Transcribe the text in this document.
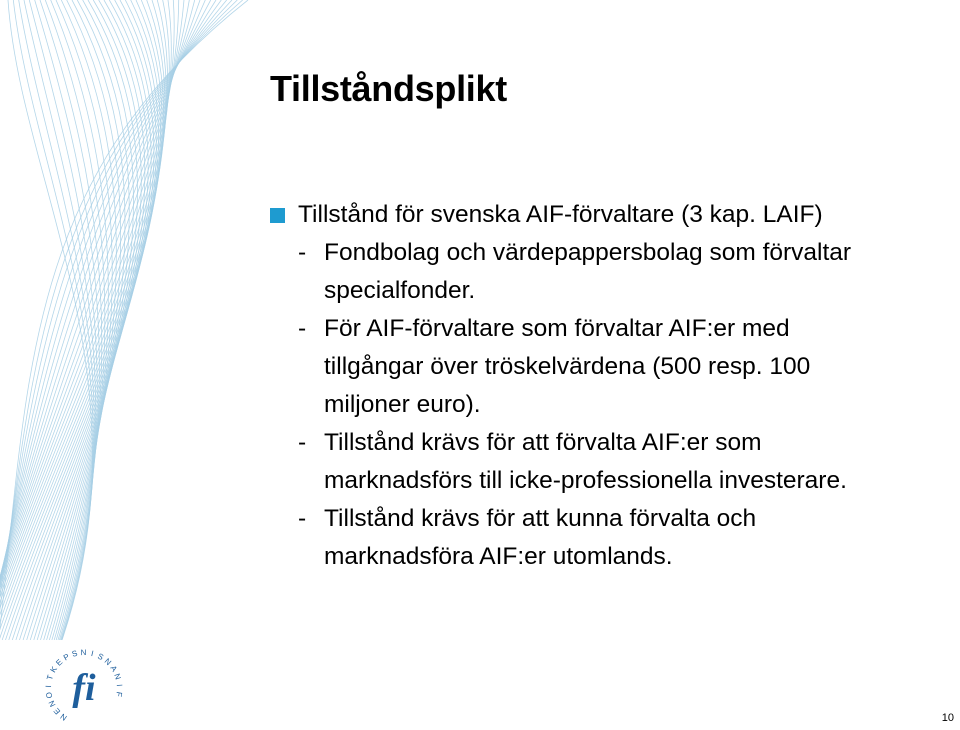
Tillståndsplikt
Tillstånd för svenska AIF-förvaltare (3 kap. LAIF)
- Fondbolag och värdepappersbolag som förvaltar
specialfonder.
- För AIF-förvaltare som förvaltar AIF:er med
tillgångar över tröskelvärdena (500 resp. 100
miljoner euro).
- Tillstånd krävs för att förvalta AIF:er som
marknadsförs till icke-professionella investerare.
- Tillstånd krävs för att kunna förvalta och
marknadsföra AIF:er utomlands.
F
I
N
A
N
S
I
N
S
P
E
K
T
I
O
N
E
N
fi
10
